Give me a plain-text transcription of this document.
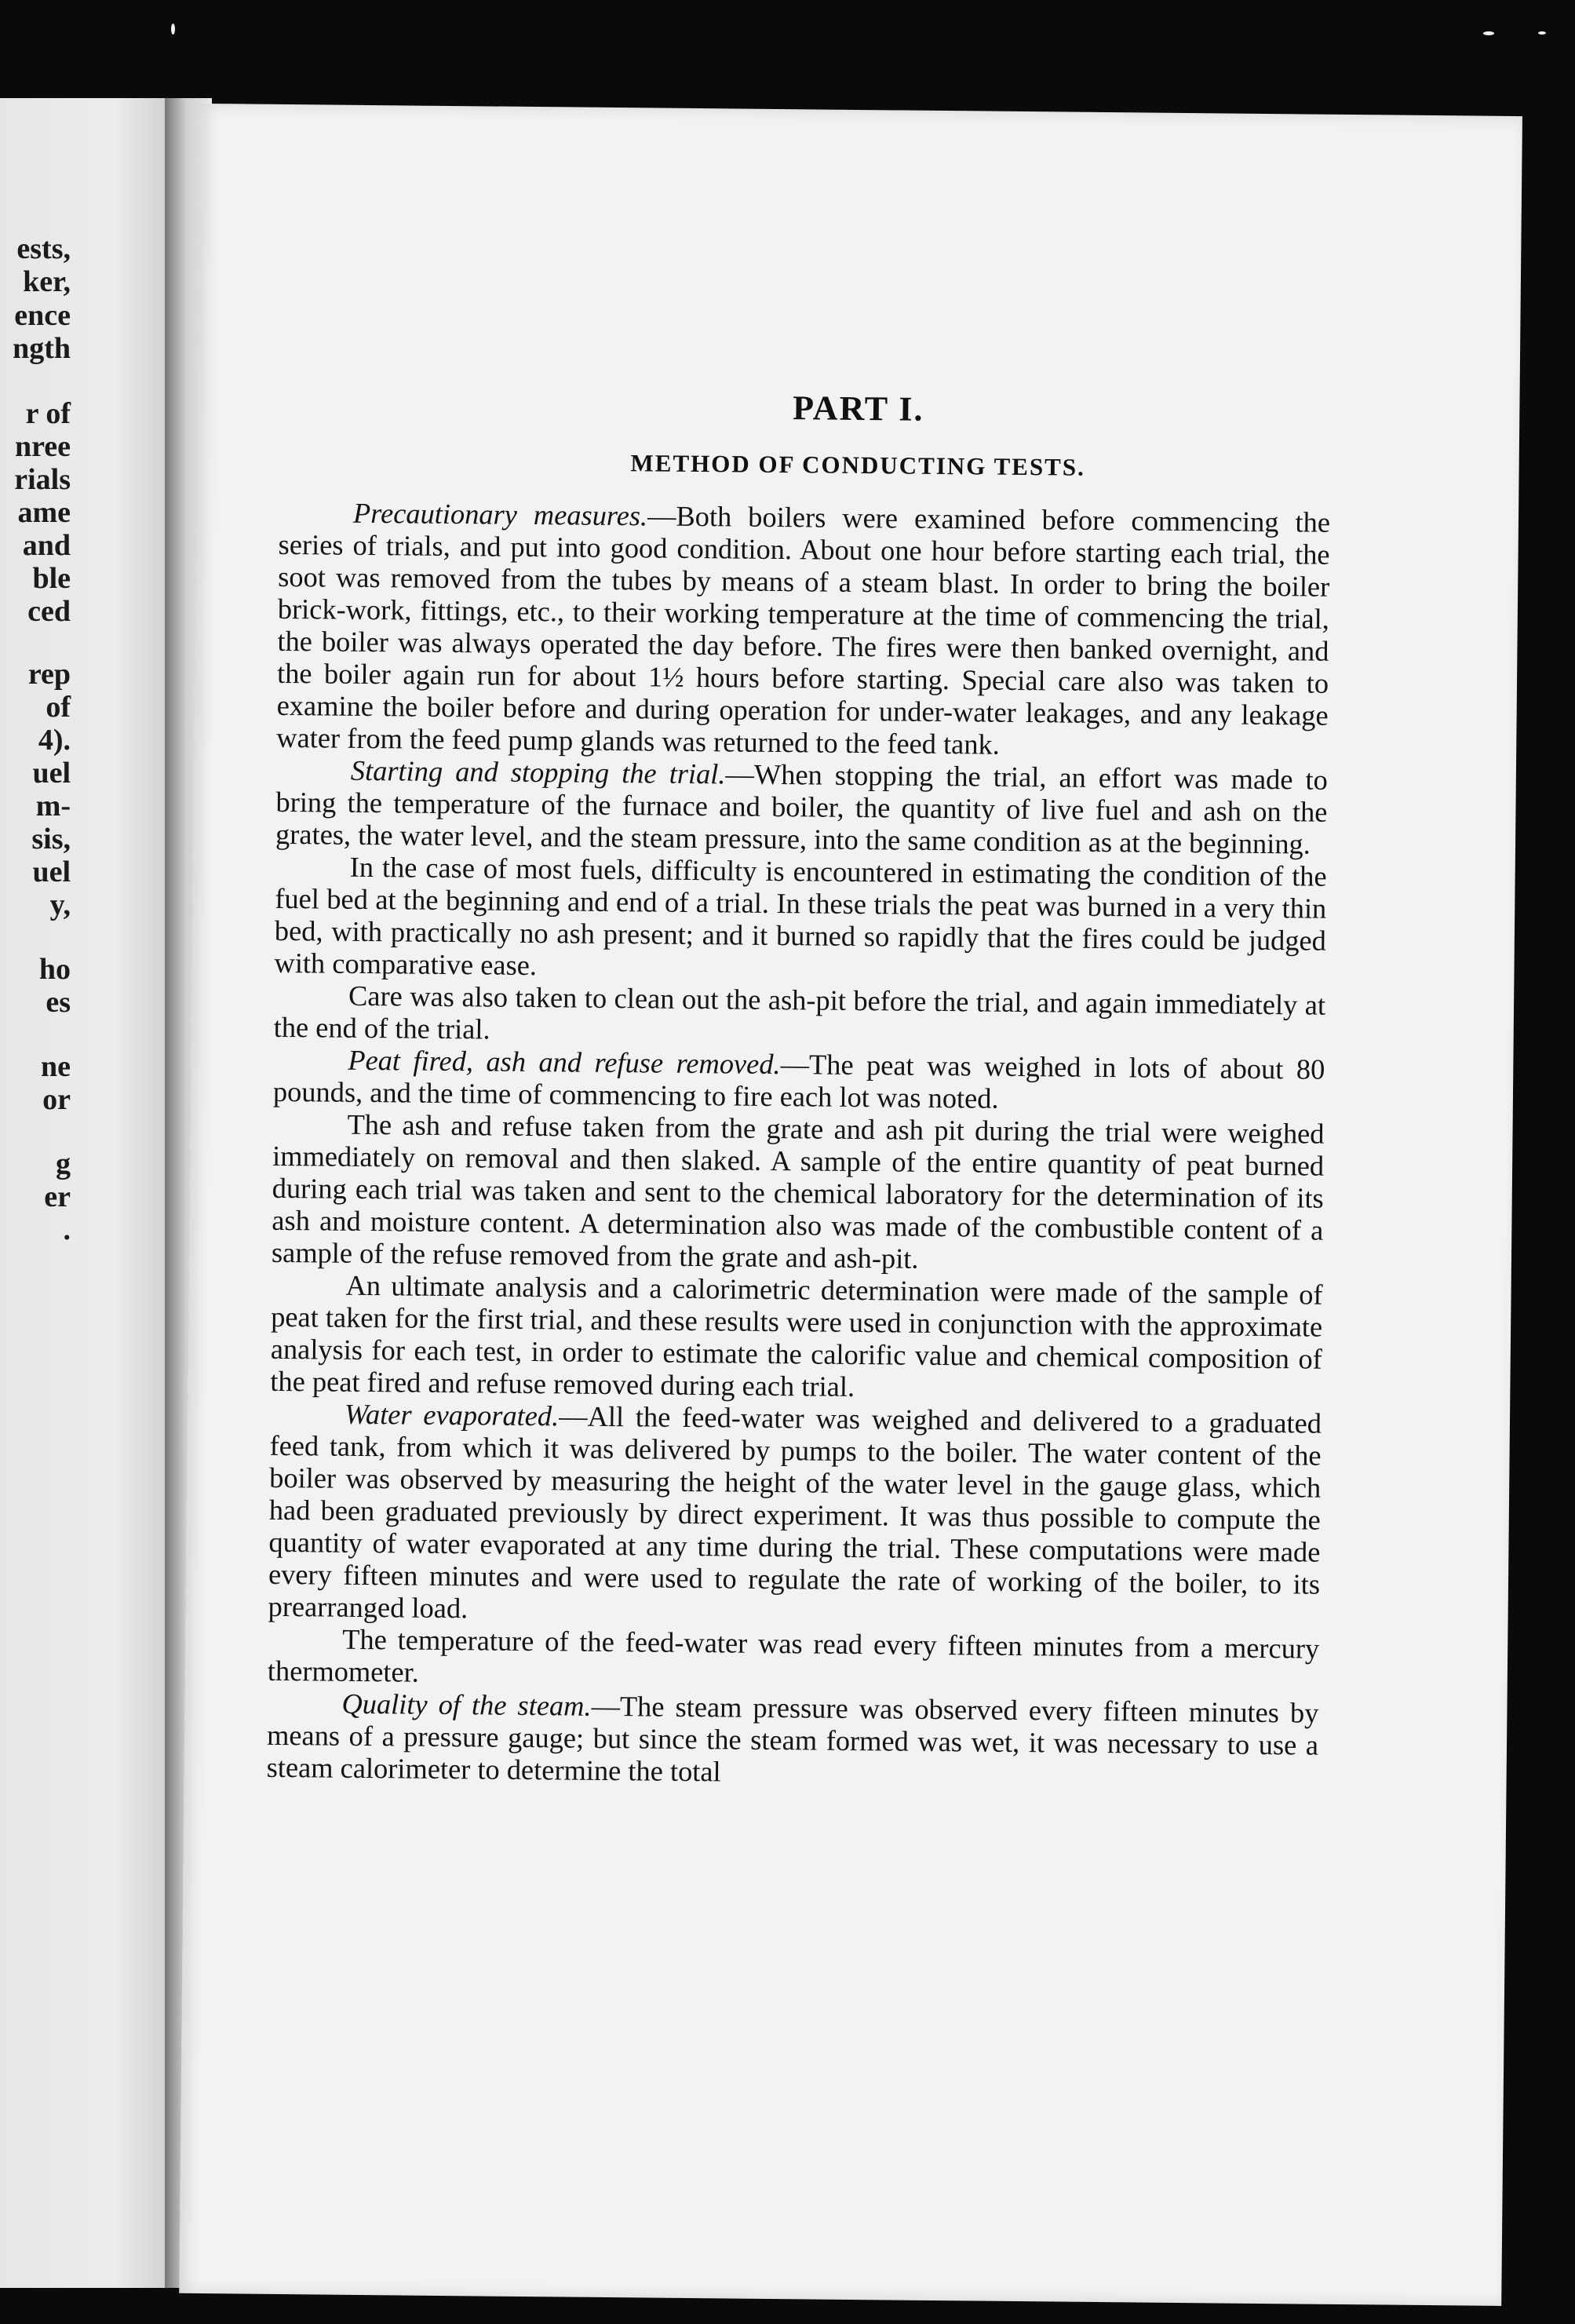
ests,
ker,
ence
ngth
r of
nree
rials
ame
and
ble
ced
rep
of
4).
uel
m-
sis,
uel
y,
ho
es
ne
or
g
er
.
PART I.
METHOD OF CONDUCTING TESTS.

Precautionary measures.—Both boilers were examined before commencing the series of trials, and put into good condition. About one hour before starting each trial, the soot was removed from the tubes by means of a steam blast. In order to bring the boiler brick-work, fittings, etc., to their working temperature at the time of commencing the trial, the boiler was always operated the day before. The fires were then banked overnight, and the boiler again run for about 1½ hours before starting. Special care also was taken to examine the boiler before and during operation for under-water leakages, and any leakage water from the feed pump glands was returned to the feed tank.

Starting and stopping the trial.—When stopping the trial, an effort was made to bring the temperature of the furnace and boiler, the quantity of live fuel and ash on the grates, the water level, and the steam pressure, into the same condition as at the beginning.

In the case of most fuels, difficulty is encountered in estimating the condition of the fuel bed at the beginning and end of a trial. In these trials the peat was burned in a very thin bed, with practically no ash present; and it burned so rapidly that the fires could be judged with comparative ease.

Care was also taken to clean out the ash-pit before the trial, and again immediately at the end of the trial.

Peat fired, ash and refuse removed.—The peat was weighed in lots of about 80 pounds, and the time of commencing to fire each lot was noted.

The ash and refuse taken from the grate and ash pit during the trial were weighed immediately on removal and then slaked. A sample of the entire quantity of peat burned during each trial was taken and sent to the chemical laboratory for the determination of its ash and moisture content. A determination also was made of the combustible content of a sample of the refuse removed from the grate and ash-pit.

An ultimate analysis and a calorimetric determination were made of the sample of peat taken for the first trial, and these results were used in conjunction with the approximate analysis for each test, in order to estimate the calorific value and chemical composition of the peat fired and refuse removed during each trial.

Water evaporated.—All the feed-water was weighed and delivered to a graduated feed tank, from which it was delivered by pumps to the boiler. The water content of the boiler was observed by measuring the height of the water level in the gauge glass, which had been graduated previously by direct experiment. It was thus possible to compute the quantity of water evaporated at any time during the trial. These computations were made every fifteen minutes and were used to regulate the rate of working of the boiler, to its prearranged load.

The temperature of the feed-water was read every fifteen minutes from a mercury thermometer.

Quality of the steam.—The steam pressure was observed every fifteen minutes by means of a pressure gauge; but since the steam formed was wet, it was necessary to use a steam calorimeter to determine the total
